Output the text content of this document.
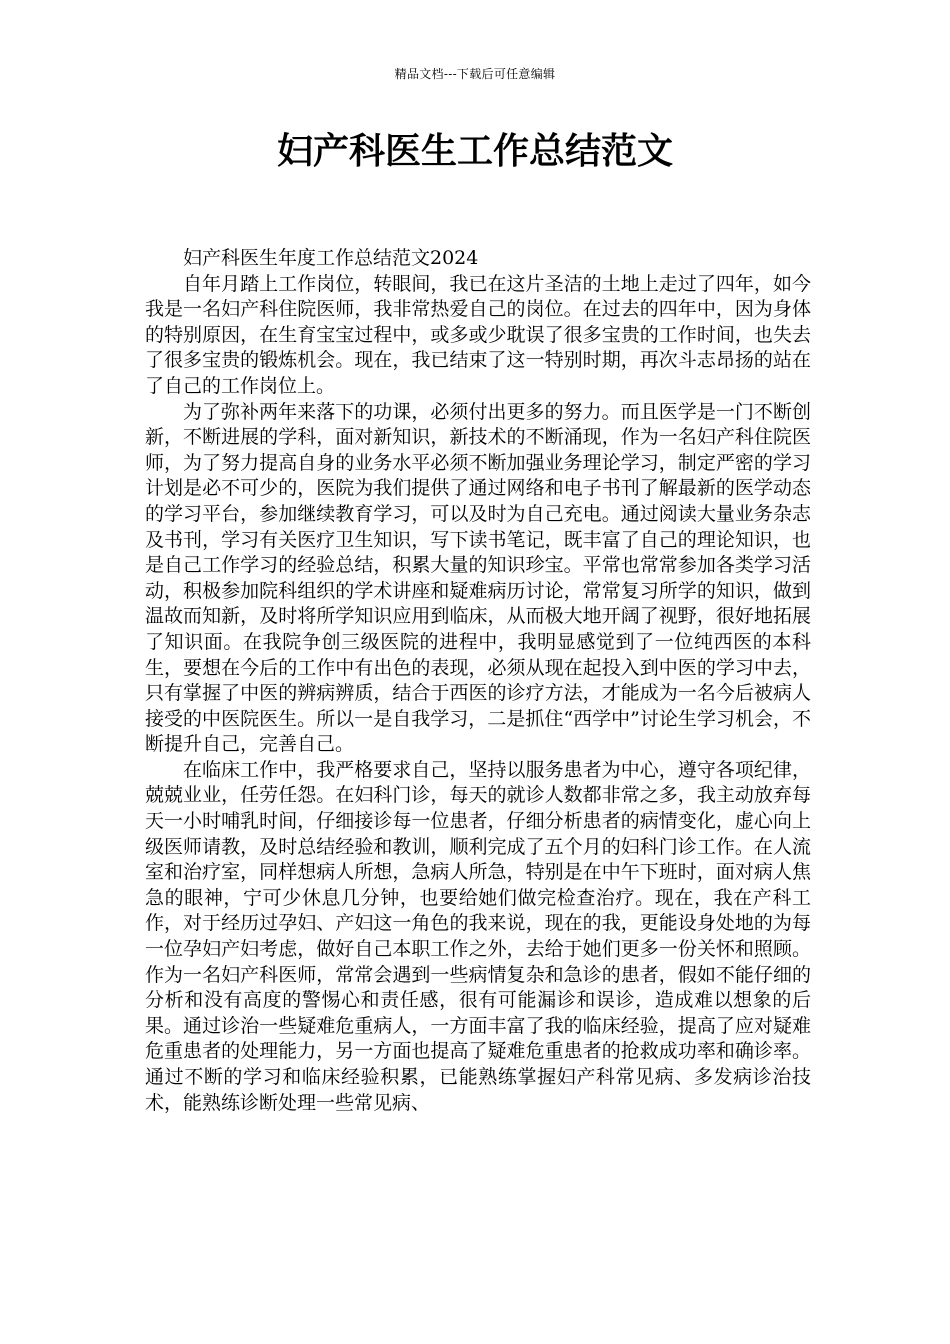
精品文档---下载后可任意编辑
妇产科医生工作总结范文

妇产科医生年度工作总结范文2024

自年月踏上工作岗位，转眼间，我已在这片圣洁的土地上走过了四年，如今我是一名妇产科住院医师，我非常热爱自己的岗位。在过去的四年中，因为身体的特别原因，在生育宝宝过程中，或多或少耽误了很多宝贵的工作时间，也失去了很多宝贵的锻炼机会。现在，我已结束了这一特别时期，再次斗志昂扬的站在了自己的工作岗位上。

为了弥补两年来落下的功课，必须付出更多的努力。而且医学是一门不断创新，不断进展的学科，面对新知识，新技术的不断涌现，作为一名妇产科住院医师，为了努力提高自身的业务水平必须不断加强业务理论学习，制定严密的学习计划是必不可少的，医院为我们提供了通过网络和电子书刊了解最新的医学动态的学习平台，参加继续教育学习，可以及时为自己充电。通过阅读大量业务杂志及书刊，学习有关医疗卫生知识，写下读书笔记，既丰富了自己的理论知识，也是自己工作学习的经验总结，积累大量的知识珍宝。平常也常常参加各类学习活动，积极参加院科组织的学术讲座和疑难病历讨论，常常复习所学的知识，做到温故而知新，及时将所学知识应用到临床，从而极大地开阔了视野，很好地拓展了知识面。在我院争创三级医院的进程中，我明显感觉到了一位纯西医的本科生，要想在今后的工作中有出色的表现，必须从现在起投入到中医的学习中去，只有掌握了中医的辨病辨质，结合于西医的诊疗方法，才能成为一名今后被病人接受的中医院医生。所以一是自我学习，二是抓住“西学中”讨论生学习机会，不断提升自己，完善自己。

在临床工作中，我严格要求自己，坚持以服务患者为中心，遵守各项纪律，兢兢业业，任劳任怨。在妇科门诊，每天的就诊人数都非常之多，我主动放弃每天一小时哺乳时间，仔细接诊每一位患者，仔细分析患者的病情变化，虚心向上级医师请教，及时总结经验和教训，顺利完成了五个月的妇科门诊工作。在人流室和治疗室，同样想病人所想，急病人所急，特别是在中午下班时，面对病人焦急的眼神，宁可少休息几分钟，也要给她们做完检查治疗。现在，我在产科工作，对于经历过孕妇、产妇这一角色的我来说，现在的我，更能设身处地的为每一位孕妇产妇考虑，做好自己本职工作之外，去给于她们更多一份关怀和照顾。作为一名妇产科医师，常常会遇到一些病情复杂和急诊的患者，假如不能仔细的分析和没有高度的警惕心和责任感，很有可能漏诊和误诊，造成难以想象的后果。通过诊治一些疑难危重病人，一方面丰富了我的临床经验，提高了应对疑难危重患者的处理能力，另一方面也提高了疑难危重患者的抢救成功率和确诊率。通过不断的学习和临床经验积累，已能熟练掌握妇产科常见病、多发病诊治技术，能熟练诊断处理一些常见病、
